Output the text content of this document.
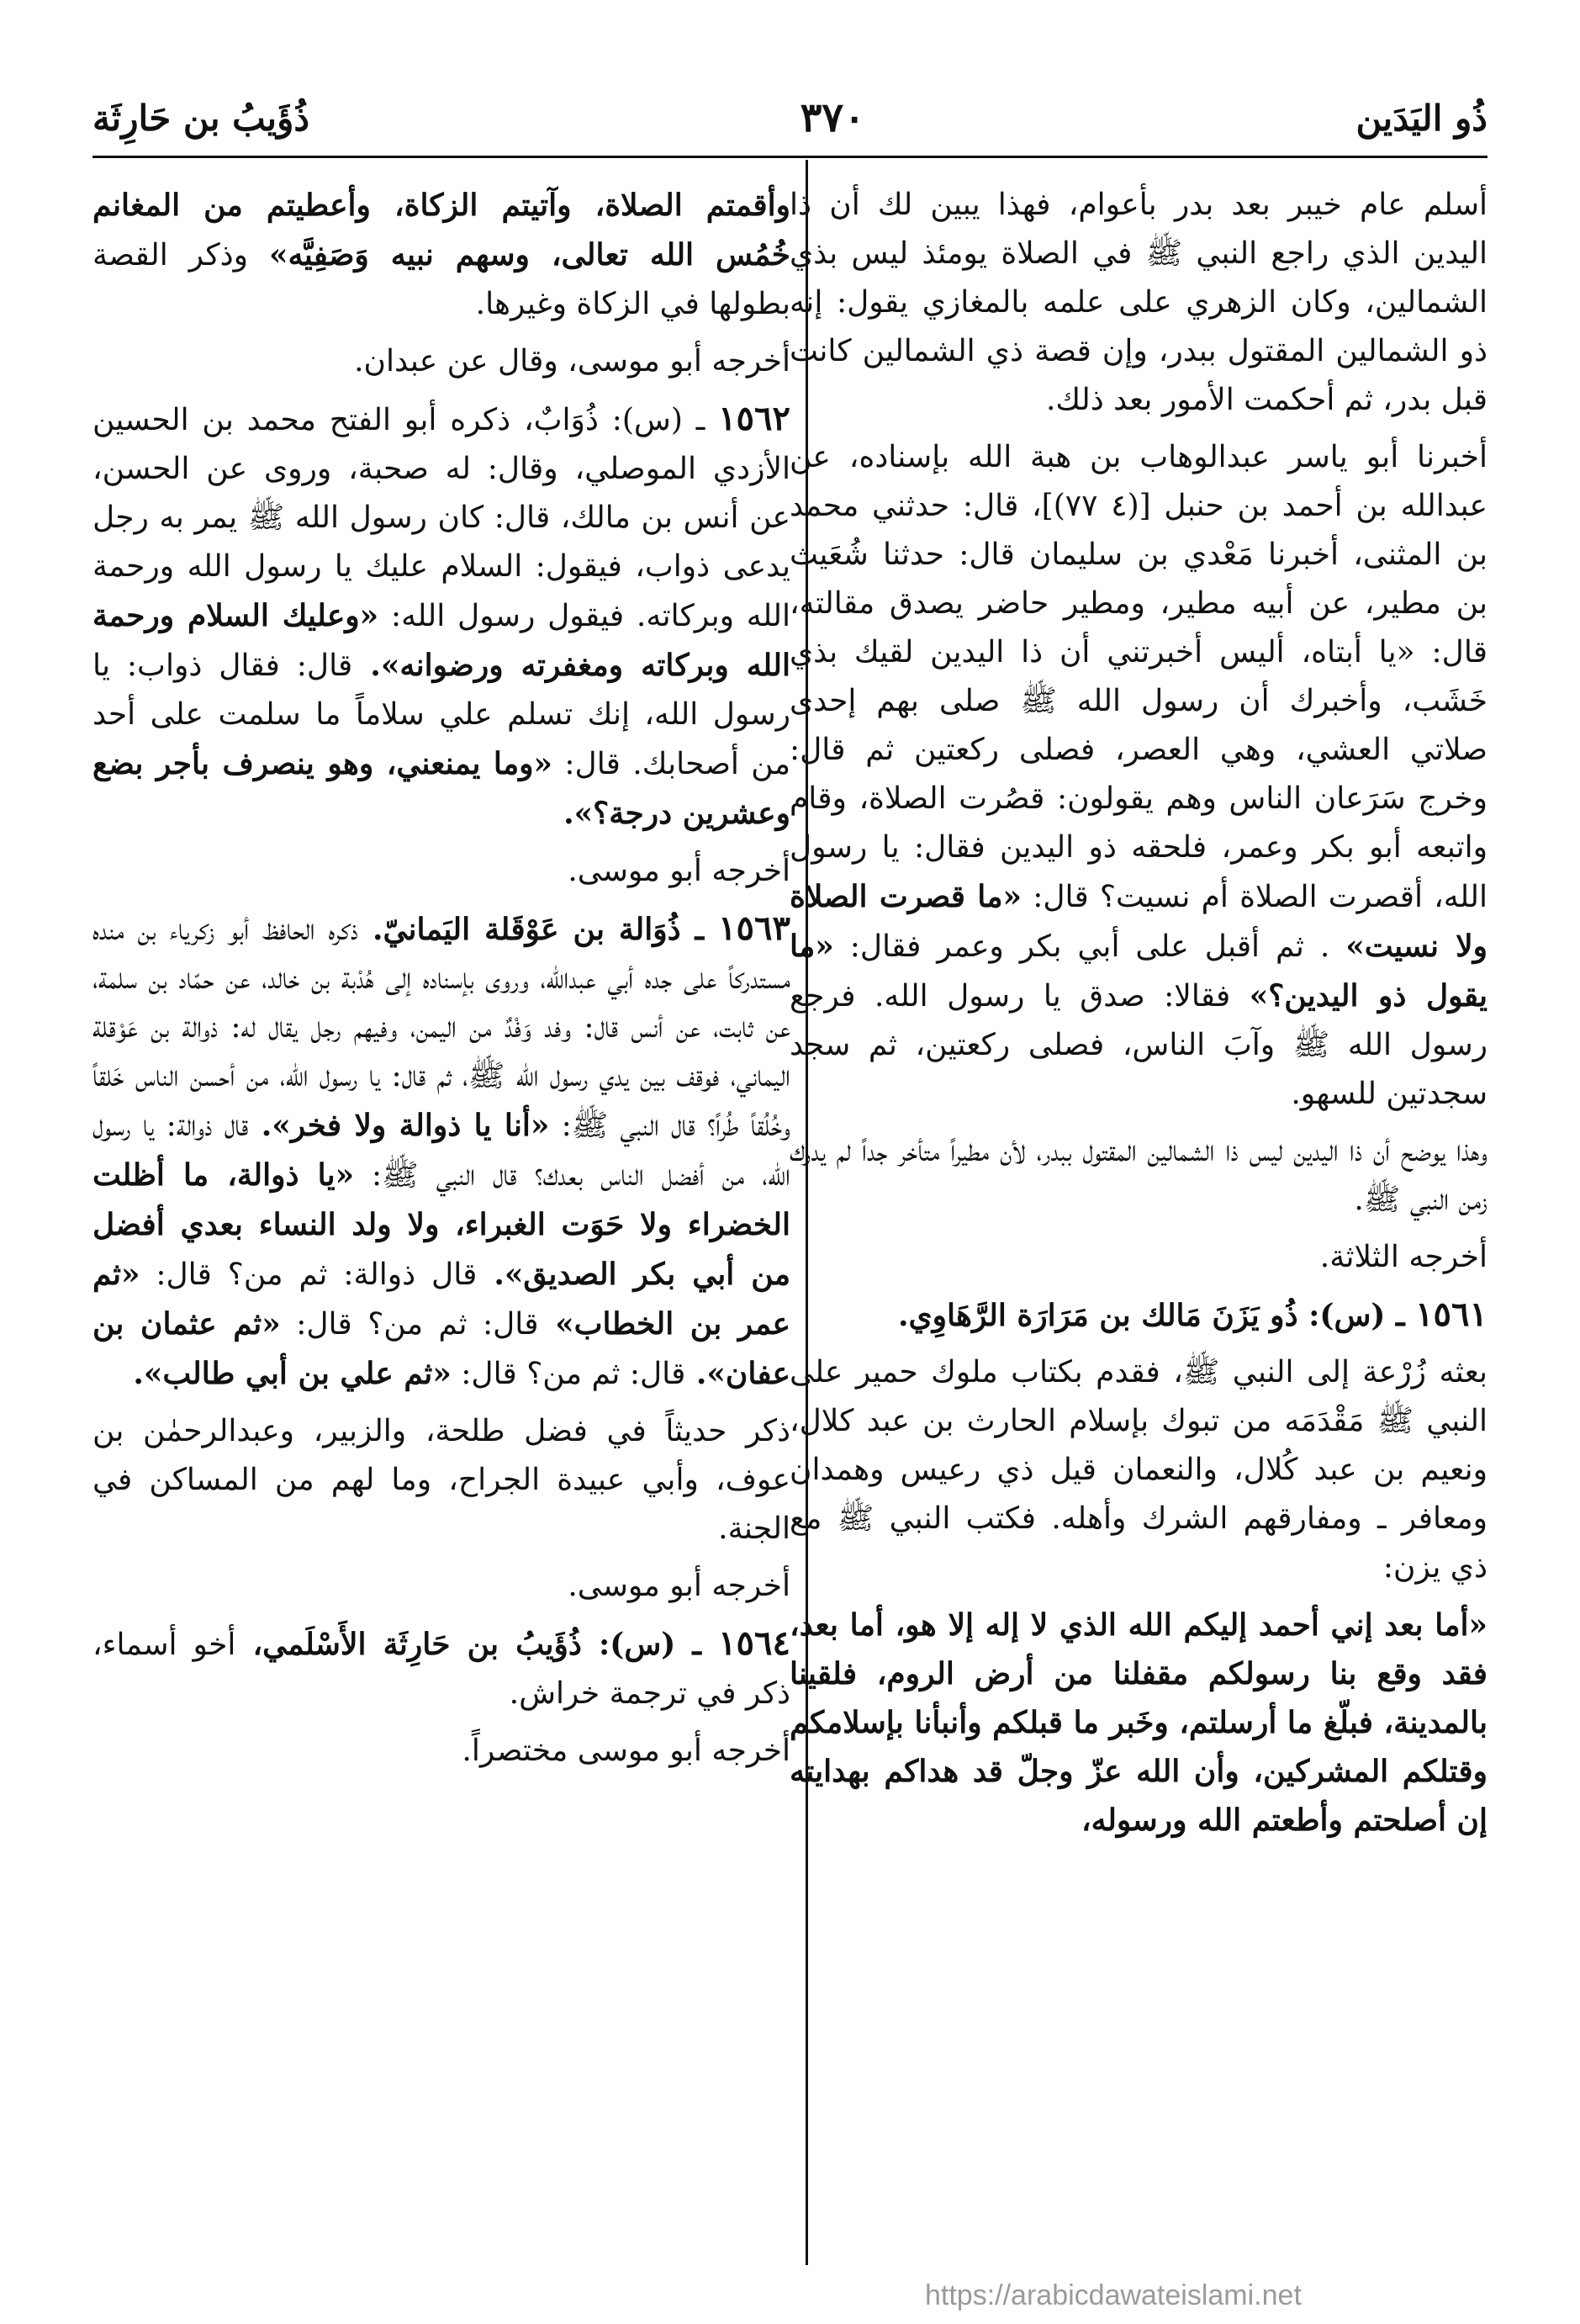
ذُو اليَدَين
٣٧٠
ذُؤَيبُ بن حَارِثَة

أسلم عام خيبر بعد بدر بأعوام، فهذا يبين لك أن ذا اليدين الذي راجع النبي ﷺ في الصلاة يومئذ ليس بذي الشمالين، وكان الزهري على علمه بالمغازي يقول: إنه ذو الشمالين المقتول ببدر، وإن قصة ذي الشمالين كانت قبل بدر، ثم أحكمت الأمور بعد ذلك.

أخبرنا أبو ياسر عبدالوهاب بن هبة الله بإسناده، عن عبدالله بن أحمد بن حنبل [(٤ ٧٧)]، قال: حدثني محمد بن المثنى، أخبرنا مَعْدي بن سليمان قال: حدثنا شُعَيث بن مطير، عن أبيه مطير، ومطير حاضر يصدق مقالته، قال: «يا أبتاه، أليس أخبرتني أن ذا اليدين لقيك بذي خَشَب، وأخبرك أن رسول الله ﷺ صلى بهم إحدى صلاتي العشي، وهي العصر، فصلى ركعتين ثم قال: وخرج سَرَعان الناس وهم يقولون: قصُرت الصلاة، وقام واتبعه أبو بكر وعمر، فلحقه ذو اليدين فقال: يا رسول الله، أقصرت الصلاة أم نسيت؟ قال: «ما قصرت الصلاة ولا نسيت» . ثم أقبل على أبي بكر وعمر فقال: «ما يقول ذو اليدين؟» فقالا: صدق يا رسول الله. فرجع رسول الله ﷺ وآبَ الناس، فصلى ركعتين، ثم سجد سجدتين للسهو.

وهذا يوضح أن ذا اليدين ليس ذا الشمالين المقتول ببدر، لأن مطيراً متأخر جداً لم يدرك زمن النبي ﷺ.

أخرجه الثلاثة.

١٥٦١ ـ (س): ذُو يَزَنَ مَالك بن مَرَارَة الرَّهَاوِي.

بعثه زُرْعة إلى النبي ﷺ، فقدم بكتاب ملوك حمير على النبي ﷺ مَقْدَمَه من تبوك بإسلام الحارث بن عبد كلال، ونعيم بن عبد كُلال، والنعمان قيل ذي رعيس وهمدان ومعافر ـ ومفارقهم الشرك وأهله. فكتب النبي ﷺ مع ذي يزن:

«أما بعد إني أحمد إليكم الله الذي لا إله إلا هو، أما بعد، فقد وقع بنا رسولكم مقفلنا من أرض الروم، فلقينا بالمدينة، فبلّغ ما أرسلتم، وخَبر ما قبلكم وأنبأنا بإسلامكم وقتلكم المشركين، وأن الله عزّ وجلّ قد هداكم بهدايته إن أصلحتم وأطعتم الله ورسوله،

وأقمتم الصلاة، وآتيتم الزكاة، وأعطيتم من المغانم خُمُس الله تعالى، وسهم نبيه وَصَفِيَّه» وذكر القصة بطولها في الزكاة وغيرها.

أخرجه أبو موسى، وقال عن عبدان.

١٥٦٢ ـ (س): ذُوَابٌ، ذكره أبو الفتح محمد بن الحسين الأزدي الموصلي، وقال: له صحبة، وروى عن الحسن، عن أنس بن مالك، قال: كان رسول الله ﷺ يمر به رجل يدعى ذواب، فيقول: السلام عليك يا رسول الله ورحمة الله وبركاته. فيقول رسول الله: «وعليك السلام ورحمة الله وبركاته ومغفرته ورضوانه». قال: فقال ذواب: يا رسول الله، إنك تسلم علي سلاماً ما سلمت على أحد من أصحابك. قال: «وما يمنعني، وهو ينصرف بأجر بضع وعشرين درجة؟».

أخرجه أبو موسى.

١٥٦٣ ـ ذُوَالة بن عَوْقَلة اليَمانيّ. ذكره الحافظ أبو زكرياء بن منده مستدركاً على جده أبي عبدالله، وروى بإسناده إلى هُدْبة بن خالد، عن حمّاد بن سلمة، عن ثابت، عن أنس قال: وفد وَفْدٌ من اليمن، وفيهم رجل يقال له: ذوالة بن عَوْقلة اليماني، فوقف بين يدي رسول الله ﷺ، ثم قال: يا رسول الله، من أحسن الناس خَلقاً وخُلُقاً طُراً؟ قال النبي ﷺ: «أنا يا ذوالة ولا فخر». قال ذوالة: يا رسول الله، من أفضل الناس بعدك؟ قال النبي ﷺ: «يا ذوالة، ما أظلت الخضراء ولا حَوَت الغبراء، ولا ولد النساء بعدي أفضل من أبي بكر الصديق». قال ذوالة: ثم من؟ قال: «ثم عمر بن الخطاب» قال: ثم من؟ قال: «ثم عثمان بن عفان». قال: ثم من؟ قال: «ثم علي بن أبي طالب».

ذكر حديثاً في فضل طلحة، والزبير، وعبدالرحمٰن بن عوف، وأبي عبيدة الجراح، وما لهم من المساكن في الجنة.

أخرجه أبو موسى.

١٥٦٤ ـ (س): ذُؤَيبُ بن حَارِثَة الأَسْلَمي، أخو أسماء، ذكر في ترجمة خراش.

أخرجه أبو موسى مختصراً.

https://arabicdawateislami.net
